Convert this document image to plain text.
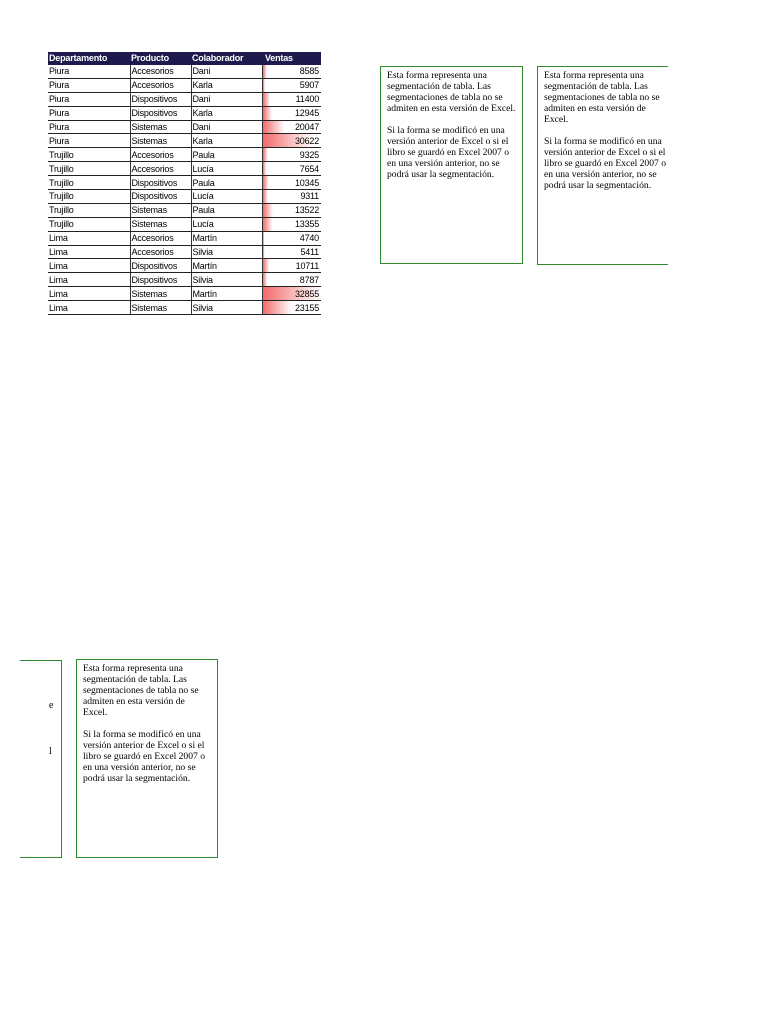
Departamento	Producto	Colaborador	Ventas
Piura	Accesorios	Dani	8585
Piura	Accesorios	Karla	5907
Piura	Dispositivos	Dani	11400
Piura	Dispositivos	Karla	12945
Piura	Sistemas	Dani	20047
Piura	Sistemas	Karla	30622
Trujillo	Accesorios	Paula	9325
Trujillo	Accesorios	Lucía	7654
Trujillo	Dispositivos	Paula	10345
Trujillo	Dispositivos	Lucía	9311
Trujillo	Sistemas	Paula	13522
Trujillo	Sistemas	Lucía	13355
Lima	Accesorios	Martín	4740
Lima	Accesorios	Silvia	5411
Lima	Dispositivos	Martín	10711
Lima	Dispositivos	Silvia	8787
Lima	Sistemas	Martín	32855
Lima	Sistemas	Silvia	23155

Esta forma representa una segmentación de tabla. Las segmentaciones de tabla no se admiten en esta versión de Excel.

Si la forma se modificó en una versión anterior de Excel o si el libro se guardó en Excel 2007 o en una versión anterior, no se podrá usar la segmentación.

Esta forma representa una segmentación de tabla. Las segmentaciones de tabla no se admiten en esta versión de Excel.

Si la forma se modificó en una versión anterior de Excel o si el libro se guardó en Excel 2007 o en una versión anterior, no se podrá usar la segmentación.

e
l

Esta forma representa una segmentación de tabla. Las segmentaciones de tabla no se admiten en esta versión de Excel.

Si la forma se modificó en una versión anterior de Excel o si el libro se guardó en Excel 2007 o en una versión anterior, no se podrá usar la segmentación.
